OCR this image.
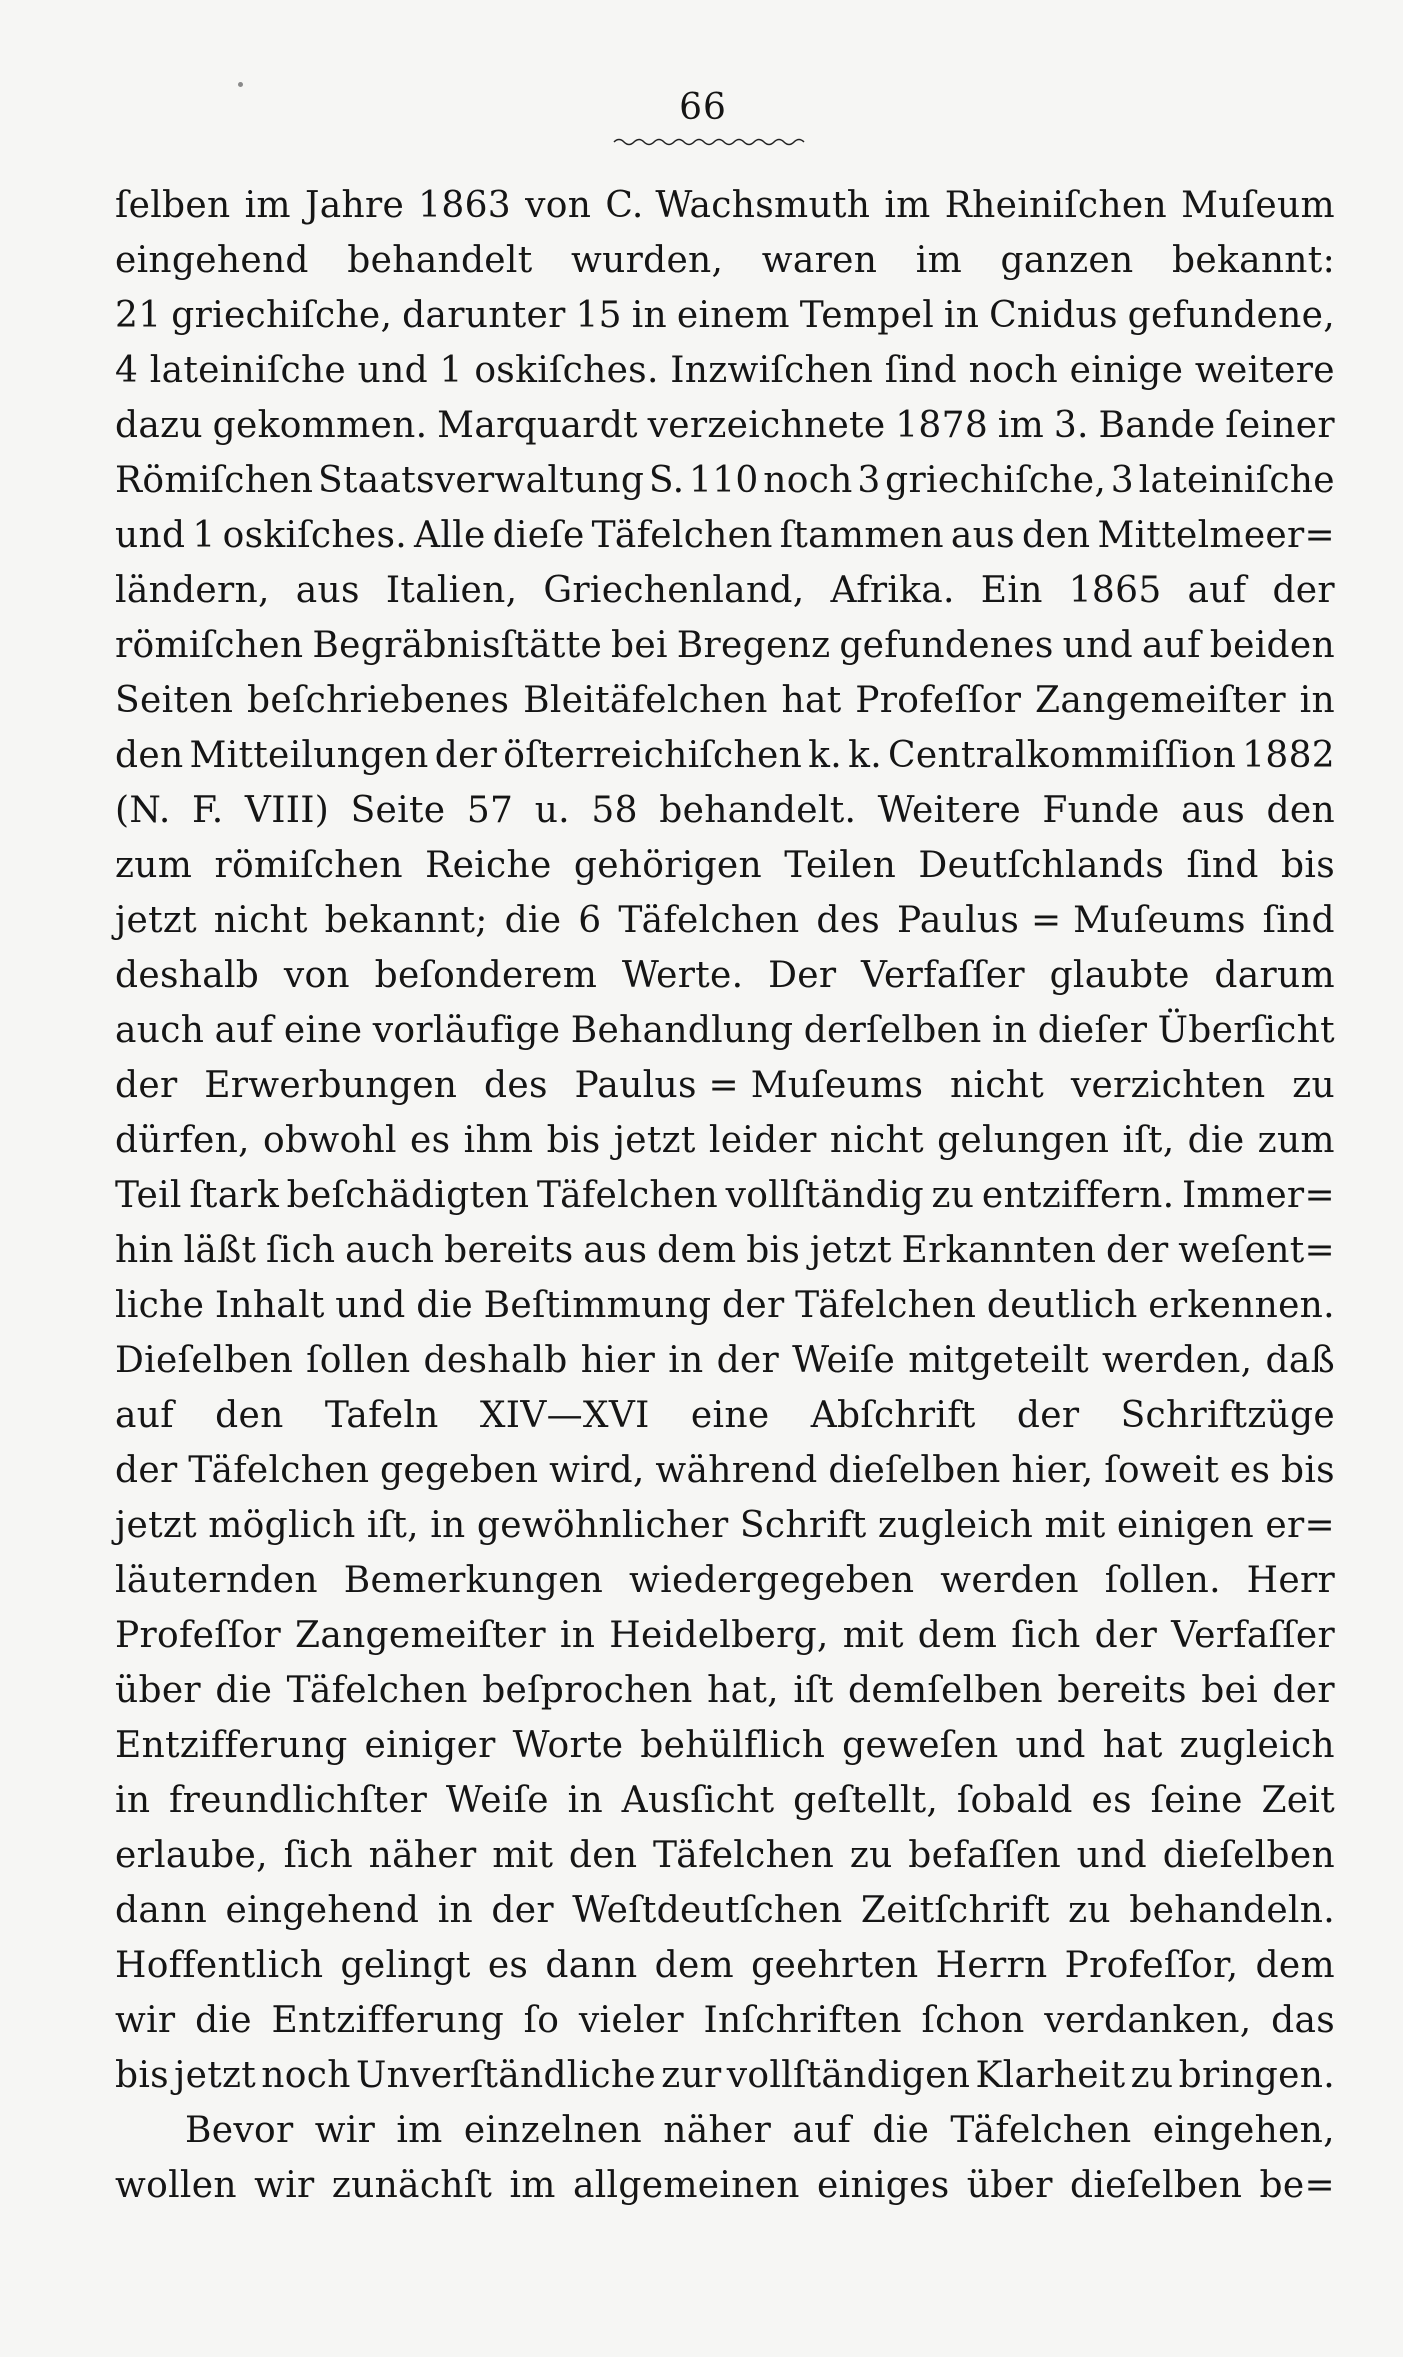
66
ſelben im Jahre 1863 von C. Wachsmuth im Rheiniſchen Muſeum
eingehend behandelt wurden, waren im ganzen bekannt:
21 griechiſche, darunter 15 in einem Tempel in Cnidus gefundene,
4 lateiniſche und 1 oskiſches. Inzwiſchen ſind noch einige weitere
dazu gekommen. Marquardt verzeichnete 1878 im 3. Bande ſeiner
Römiſchen Staatsverwaltung S. 110 noch 3 griechiſche, 3 lateiniſche
und 1 oskiſches. Alle dieſe Täfelchen ſtammen aus den Mittelmeer=
ländern, aus Italien, Griechenland, Afrika. Ein 1865 auf der
römiſchen Begräbnisſtätte bei Bregenz gefundenes und auf beiden
Seiten beſchriebenes Bleitäfelchen hat Profeſſor Zangemeiſter in
den Mitteilungen der öſterreichiſchen k. k. Centralkommiſſion 1882
(N. F. VIII) Seite 57 u. 58 behandelt. Weitere Funde aus den
zum römiſchen Reiche gehörigen Teilen Deutſchlands ſind bis
jetzt nicht bekannt; die 6 Täfelchen des Paulus = Muſeums ſind
deshalb von beſonderem Werte. Der Verfaſſer glaubte darum
auch auf eine vorläufige Behandlung derſelben in dieſer Überſicht
der Erwerbungen des Paulus = Muſeums nicht verzichten zu
dürfen, obwohl es ihm bis jetzt leider nicht gelungen iſt, die zum
Teil ſtark beſchädigten Täfelchen vollſtändig zu entziffern. Immer=
hin läßt ſich auch bereits aus dem bis jetzt Erkannten der weſent=
liche Inhalt und die Beſtimmung der Täfelchen deutlich erkennen.
Dieſelben ſollen deshalb hier in der Weiſe mitgeteilt werden, daß
auf den Tafeln XIV—XVI eine Abſchrift der Schriftzüge
der Täfelchen gegeben wird, während dieſelben hier, ſoweit es bis
jetzt möglich iſt, in gewöhnlicher Schrift zugleich mit einigen er=
läuternden Bemerkungen wiedergegeben werden ſollen. Herr
Profeſſor Zangemeiſter in Heidelberg, mit dem ſich der Verfaſſer
über die Täfelchen beſprochen hat, iſt demſelben bereits bei der
Entzifferung einiger Worte behülflich geweſen und hat zugleich
in freundlichſter Weiſe in Ausſicht geſtellt, ſobald es ſeine Zeit
erlaube, ſich näher mit den Täfelchen zu befaſſen und dieſelben
dann eingehend in der Weſtdeutſchen Zeitſchrift zu behandeln.
Hoffentlich gelingt es dann dem geehrten Herrn Profeſſor, dem
wir die Entzifferung ſo vieler Inſchriften ſchon verdanken, das
bis jetzt noch Unverſtändliche zur vollſtändigen Klarheit zu bringen.
Bevor wir im einzelnen näher auf die Täfelchen eingehen,
wollen wir zunächſt im allgemeinen einiges über dieſelben be=
